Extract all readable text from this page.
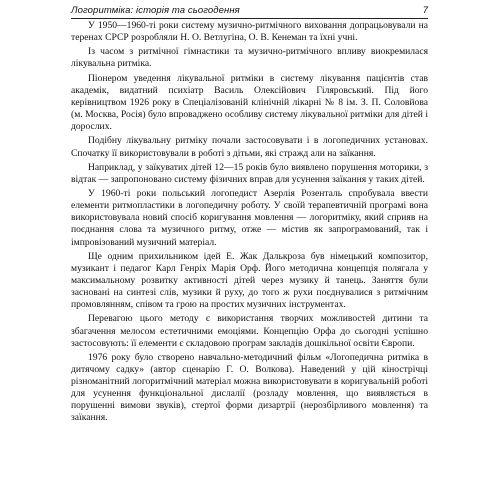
Логоритміка: історія та сьогодення	7

У 1950—1960-ті роки систему музично-ритмічного виховання допрацьовували на теренах СРСР розробляли Н. О. Ветлугіна, О. В. Кенеман та їхні учні.

Із часом з ритмічної гімнастики та музично-ритмічного впливу виокремилася лікувальна ритміка.

Піонером уведення лікувальної ритміки в систему лікування пацієнтів став академік, видатний психіатр Василь Олексійович Гіляровський. Під його керівництвом 1926 року в Спеціалізованій клінічній лікарні № 8 ім. З. П. Соловйова (м. Москва, Росія) було впроваджено особливу систему лікувальної ритміки для дітей і дорослих.

Подібну лікувальну ритміку почали застосовувати і в логопедичних установах. Спочатку її використовували в роботі з дітьми, які стражд али на заїкання.

Наприклад, у заїкуватих дітей 12—15 років було виявлено порушення моторики, з відтак — запропоновано систему фізичних вправ для усунення заїкання у таких дітей.

У 1960-ті роки польський логопедист Азерлія Розенталь спробувала ввести елементи ритмопластики в логопедичну роботу. У своїй терапевтичній програмі вона використовувала новий спосіб коригування мовлення — логоритміку, який сприяв на поєднання слова та музичного ритму, отже — містив як запрограмований, так і імпровізований музичний матеріал.

Ще одним прихильником ідей Е. Жак Далькроза був німецький композитор, музикант і педагог Карл Генріх Марія Орф. Його методична концепція полягала у максимальному розвитку активності дітей через музику й танець. Заняття були засновані на синтезі слів, музики й руху, до того ж рухи поєднувалися з ритмічним промовлянням, співом та грою на простих музичних інструментах.

Перевагою цього методу є використання творчих можливостей дитини та збагачення мелосом естетичними емоціями. Концепцію Орфа до сьогодні успішно застосовують: її елементи є складовою програм закладів дошкільної освіти Європи.

1976 року було створено навчально-методичний фільм «Логопедична ритміка в дитячому садку» (автор сценарію Г. О. Волкова). Наведений у цій кінострічці різноманітний логоритмічний матеріал можна використовувати в коригувальній роботі для усунення функціональної дислалії (розладу мовлення, що виявляється в порушенні вимови звуків), стертої форми дизартрії (нерозбірливого мовлення) та заїкання.
